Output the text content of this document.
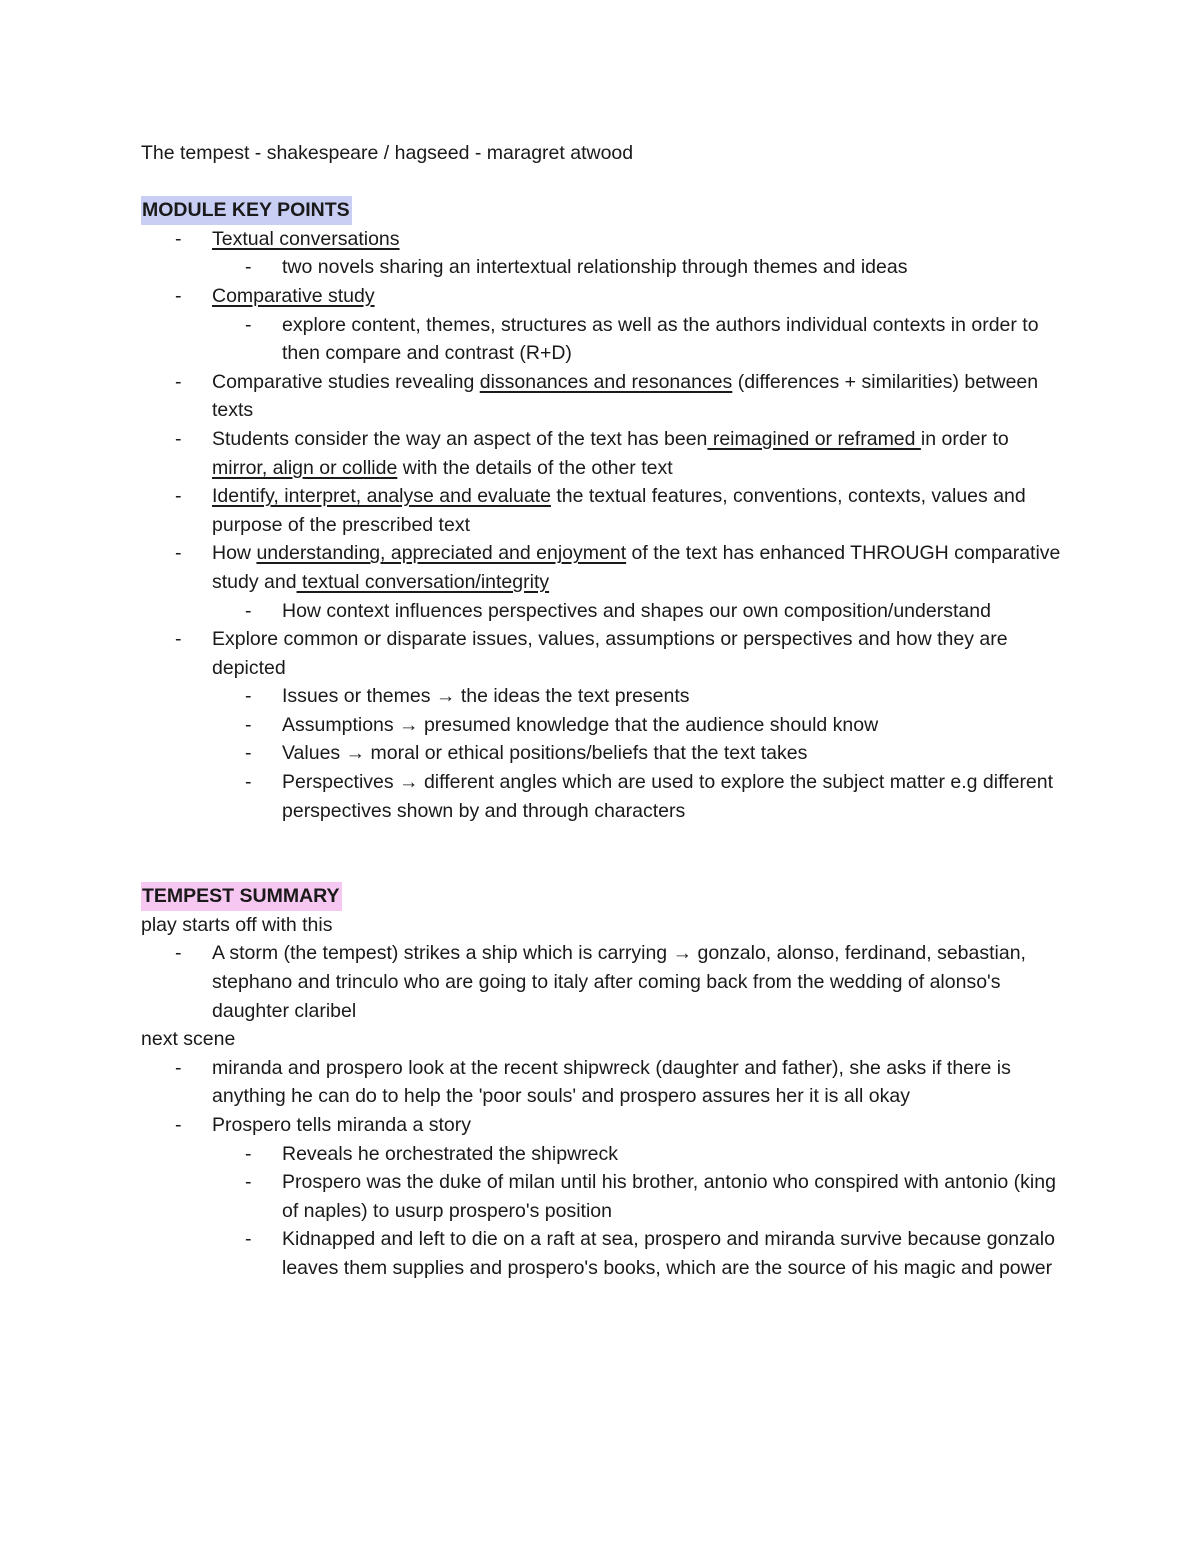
The tempest - shakespeare / hagseed - maragret atwood

MODULE KEY POINTS

-	Textual conversations
-	two novels sharing an intertextual relationship through themes and ideas
-	Comparative study
-	explore content, themes, structures as well as the authors individual contexts in order to then compare and contrast (R+D)
-	Comparative studies revealing dissonances and resonances (differences + similarities) between texts
-	Students consider the way an aspect of the text has been reimagined or reframed in order to mirror, align or collide with the details of the other text
-	Identify, interpret, analyse and evaluate the textual features, conventions, contexts, values and purpose of the prescribed text
-	How understanding, appreciated and enjoyment of the text has enhanced THROUGH comparative study and textual conversation/integrity
-	How context influences perspectives and shapes our own composition/understand
-	Explore common or disparate issues, values, assumptions or perspectives and how they are depicted
-	Issues or themes → the ideas the text presents
-	Assumptions → presumed knowledge that the audience should know
-	Values → moral or ethical positions/beliefs that the text takes
-	Perspectives → different angles which are used to explore the subject matter e.g different perspectives shown by and through characters

TEMPEST SUMMARY

play starts off with this

-	A storm (the tempest) strikes a ship which is carrying → gonzalo, alonso, ferdinand, sebastian, stephano and trinculo who are going to italy after coming back from the wedding of alonso's daughter claribel

next scene

-	miranda and prospero look at the recent shipwreck (daughter and father), she asks if there is anything he can do to help the 'poor souls' and prospero assures her it is all okay
-	Prospero tells miranda a story
-	Reveals he orchestrated the shipwreck
-	Prospero was the duke of milan until his brother, antonio who conspired with antonio (king of naples) to usurp prospero's position
-	Kidnapped and left to die on a raft at sea, prospero and miranda survive because gonzalo leaves them supplies and prospero's books, which are the source of his magic and power
